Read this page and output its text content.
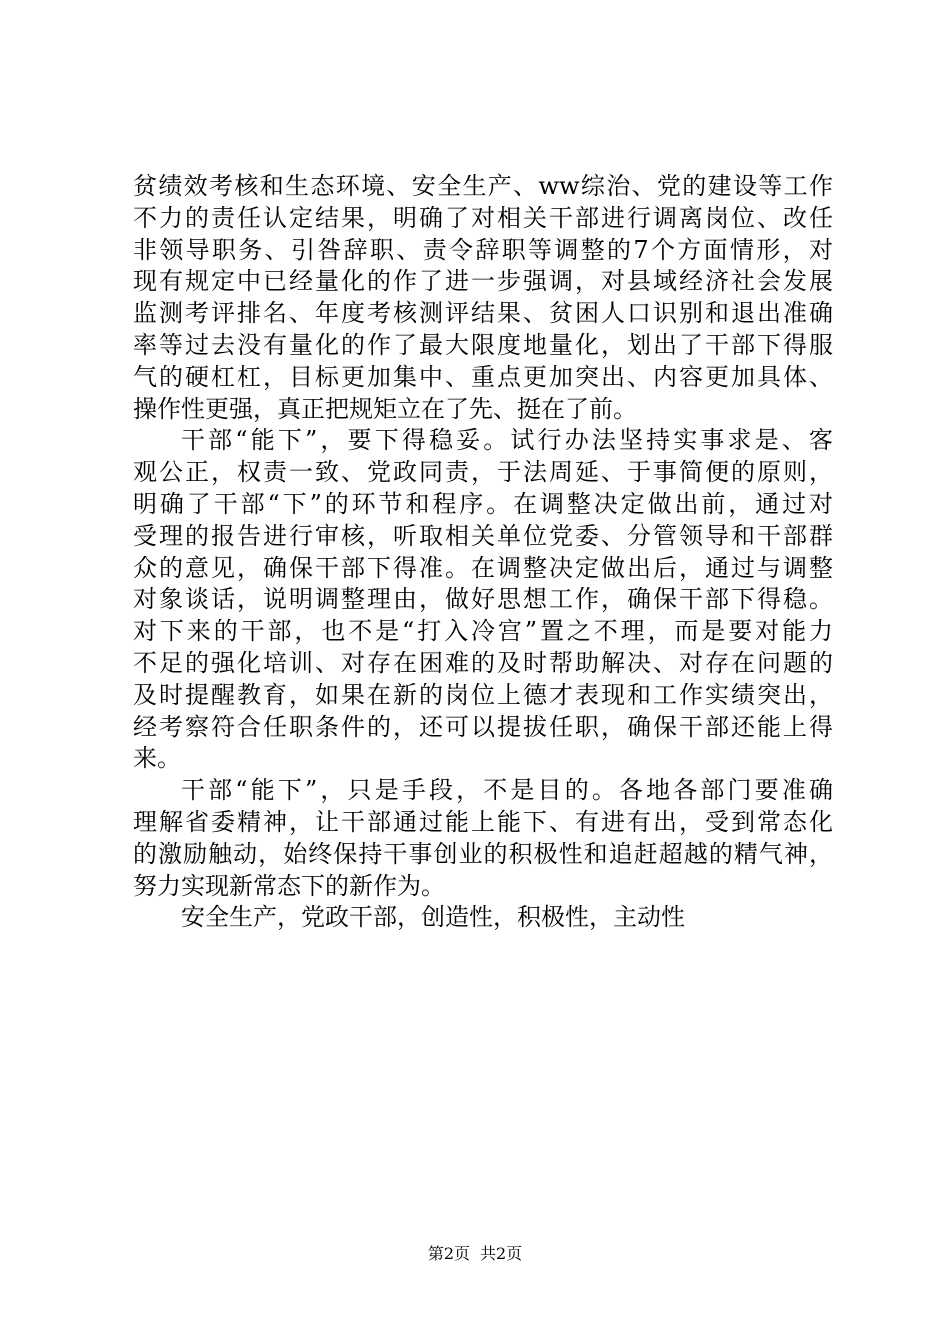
贫绩效考核和生态环境、安全生产、ww综治、党的建设等工作
不力的责任认定结果，明确了对相关干部进行调离岗位、改任
非领导职务、引咎辞职、责令辞职等调整的7个方面情形，对
现有规定中已经量化的作了进一步强调，对县域经济社会发展
监测考评排名、年度考核测评结果、贫困人口识别和退出准确
率等过去没有量化的作了最大限度地量化，划出了干部下得服
气的硬杠杠，目标更加集中、重点更加突出、内容更加具体、
操作性更强，真正把规矩立在了先、挺在了前。
干部“能下”，要下得稳妥。试行办法坚持实事求是、客
观公正，权责一致、党政同责，于法周延、于事简便的原则，
明确了干部“下”的环节和程序。在调整决定做出前，通过对
受理的报告进行审核，听取相关单位党委、分管领导和干部群
众的意见，确保干部下得准。在调整决定做出后，通过与调整
对象谈话，说明调整理由，做好思想工作，确保干部下得稳。
对下来的干部，也不是“打入冷宫”置之不理，而是要对能力
不足的强化培训、对存在困难的及时帮助解决、对存在问题的
及时提醒教育，如果在新的岗位上德才表现和工作实绩突出，
经考察符合任职条件的，还可以提拔任职，确保干部还能上得
来。
干部“能下”，只是手段，不是目的。各地各部门要准确
理解省委精神，让干部通过能上能下、有进有出，受到常态化
的激励触动，始终保持干事创业的积极性和追赶超越的精气神，
努力实现新常态下的新作为。
安全生产，党政干部，创造性，积极性，主动性
第2页 共2页
